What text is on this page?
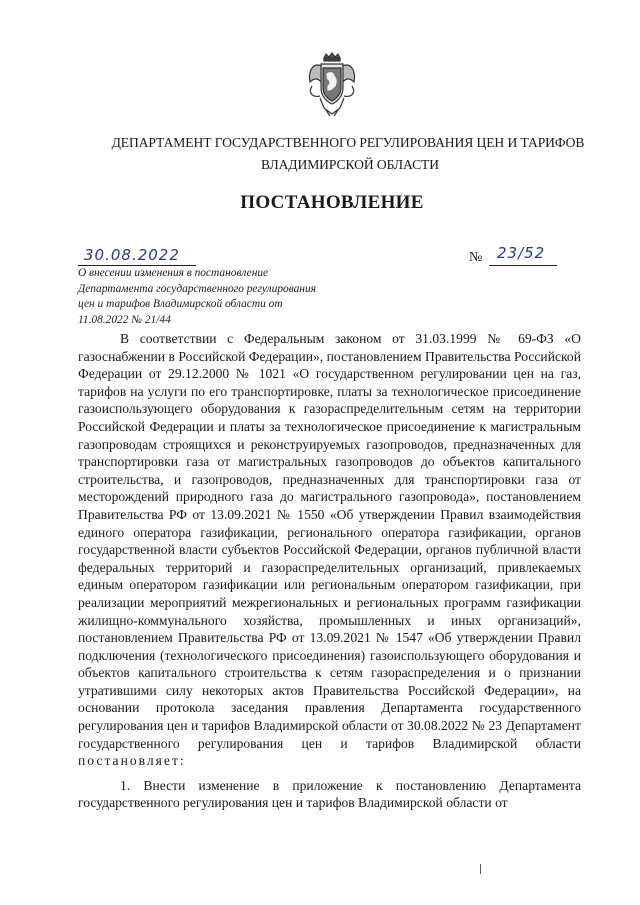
ДЕПАРТАМЕНТ ГОСУДАРСТВЕННОГО РЕГУЛИРОВАНИЯ ЦЕН И ТАРИФОВ
ВЛАДИМИРСКОЙ ОБЛАСТИ
ПОСТАНОВЛЕНИЕ
30.08.2022	№ 23/52
О внесении изменения в постановление Департамента государственного регулирования цен и тарифов Владимирской области от 11.08.2022 № 21/44

В соответствии с Федеральным законом от 31.03.1999 № 69-ФЗ «О газоснабжении в Российской Федерации», постановлением Правительства Российской Федерации от 29.12.2000 № 1021 «О государственном регулировании цен на газ, тарифов на услуги по его транспортировке, платы за технологическое присоединение газоиспользующего оборудования к газораспределительным сетям на территории Российской Федерации и платы за технологическое присоединение к магистральным газопроводам строящихся и реконструируемых газопроводов, предназначенных для транспортировки газа от магистральных газопроводов до объектов капитального строительства, и газопроводов, предназначенных для транспортировки газа от месторождений природного газа до магистрального газопровода», постановлением Правительства РФ от 13.09.2021 № 1550 «Об утверждении Правил взаимодействия единого оператора газификации, регионального оператора газификации, органов государственной власти субъектов Российской Федерации, органов публичной власти федеральных территорий и газораспределительных организаций, привлекаемых единым оператором газификации или региональным оператором газификации, при реализации мероприятий межрегиональных и региональных программ газификации жилищно-коммунального хозяйства, промышленных и иных организаций», постановлением Правительства РФ от 13.09.2021 № 1547 «Об утверждении Правил подключения (технологического присоединения) газоиспользующего оборудования и объектов капитального строительства к сетям газораспределения и о признании утратившими силу некоторых актов Правительства Российской Федерации», на основании протокола заседания правления Департамента государственного регулирования цен и тарифов Владимирской области от 30.08.2022 № 23 Департамент государственного регулирования цен и тарифов Владимирской области постановляет:

1. Внести изменение в приложение к постановлению Департамента государственного регулирования цен и тарифов Владимирской области от
